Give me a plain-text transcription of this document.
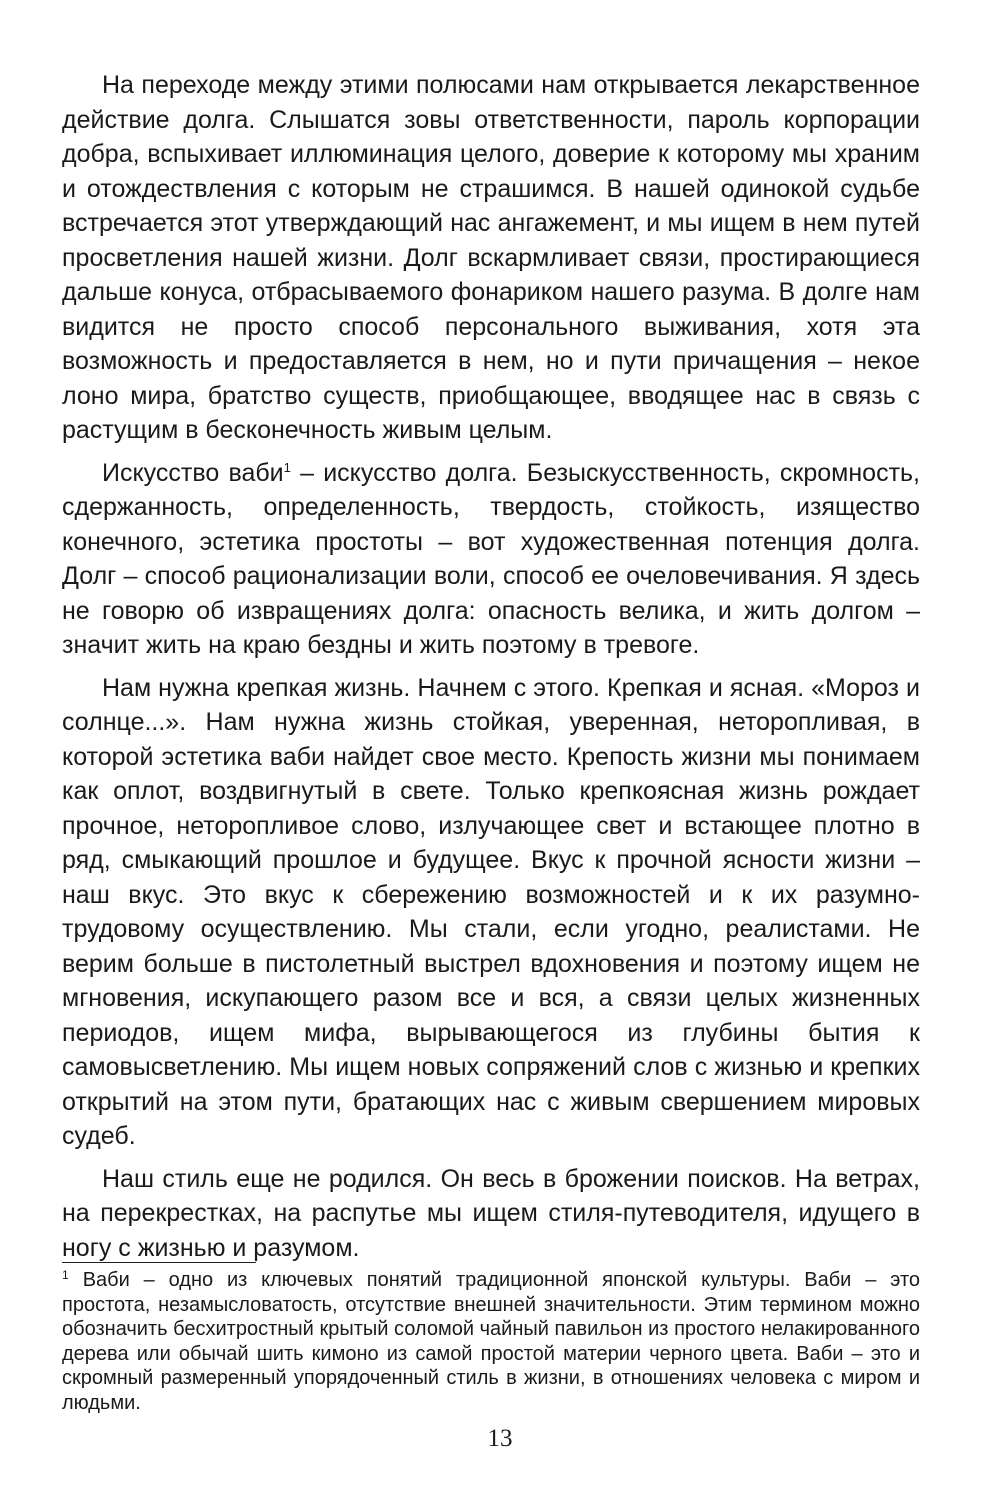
На переходе между этими полюсами нам открывается лекарственное действие долга. Слышатся зовы ответственности, пароль корпорации добра, вспыхивает иллюминация целого, доверие к которому мы храним и отождествления с которым не страшимся. В нашей одинокой судьбе встречается этот утверждающий нас ангажемент, и мы ищем в нем путей просветления нашей жизни. Долг вскармливает связи, простирающиеся дальше конуса, отбрасываемого фонариком нашего разума. В долге нам видится не просто способ персонального выживания, хотя эта возможность и предоставляется в нем, но и пути причащения – некое лоно мира, братство существ, приобщающее, вводящее нас в связь с растущим в бесконечность живым целым.

Искусство ваби$^1$ – искусство долга. Безыскусственность, скромность, сдержанность, определенность, твердость, стойкость, изящество конечного, эстетика простоты – вот художественная потенция долга. Долг – способ рационализации воли, способ ее очеловечивания. Я здесь не говорю об извращениях долга: опасность велика, и жить долгом – значит жить на краю бездны и жить поэтому в тревоге.

Нам нужна крепкая жизнь. Начнем с этого. Крепкая и ясная. «Мороз и солнце...». Нам нужна жизнь стойкая, уверенная, неторопливая, в которой эстетика ваби найдет свое место. Крепость жизни мы понимаем как оплот, воздвигнутый в свете. Только крепкоясная жизнь рождает прочное, неторопливое слово, излучающее свет и встающее плотно в ряд, смыкающий прошлое и будущее. Вкус к прочной ясности жизни – наш вкус. Это вкус к сбережению возможностей и к их разумно-трудовому осуществлению. Мы стали, если угодно, реалистами. Не верим больше в пистолетный выстрел вдохновения и поэтому ищем не мгновения, искупающего разом все и вся, а связи целых жизненных периодов, ищем мифа, вырывающегося из глубины бытия к самовысветлению. Мы ищем новых сопряжений слов с жизнью и крепких открытий на этом пути, братающих нас с живым свершением мировых судеб.

Наш стиль еще не родился. Он весь в брожении поисков. На ветрах, на перекрестках, на распутье мы ищем стиля-путеводителя, идущего в ногу с жизнью и разумом.

$^1$ Ваби – одно из ключевых понятий традиционной японской культуры. Ваби – это простота, незамысловатость, отсутствие внешней значительности. Этим термином можно обозначить бесхитростный крытый соломой чайный павильон из простого нелакированного дерева или обычай шить кимоно из самой простой материи черного цвета. Ваби – это и скромный размеренный упорядоченный стиль в жизни, в отношениях человека с миром и людьми.

13
